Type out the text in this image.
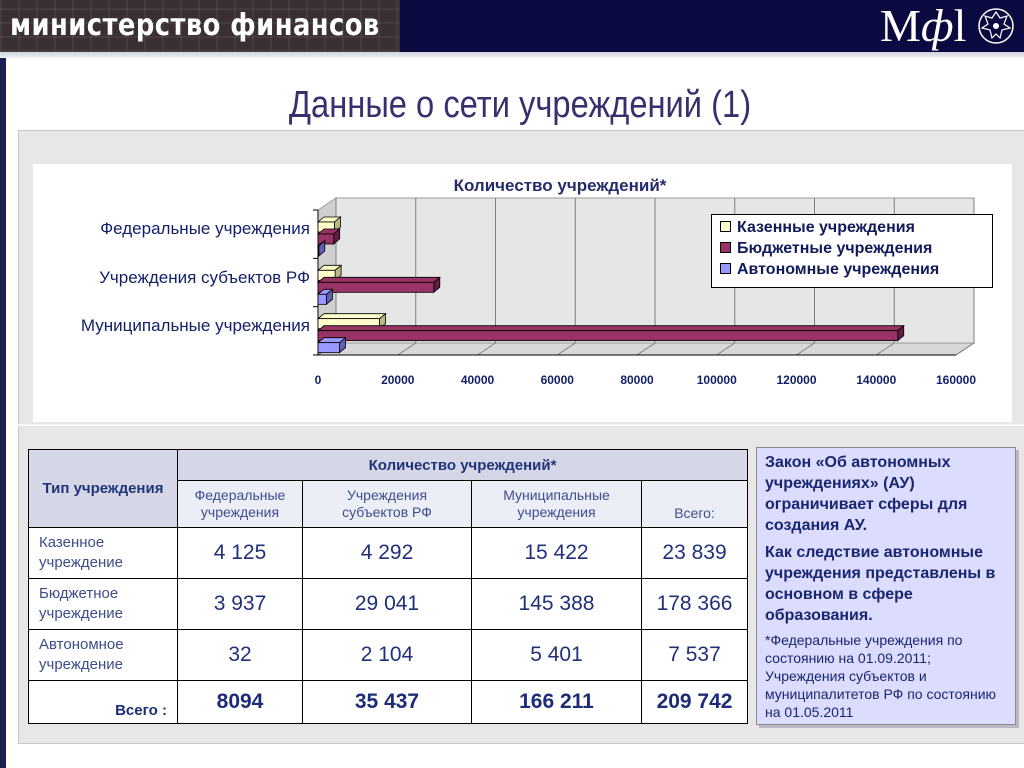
министерство финансов	Мфl
Данные о сети учреждений (1)
Количество учреждений*
0	20000	40000	60000	80000	100000	120000	140000	160000
Федеральные учреждения
Учреждения субъектов РФ
Муниципальные учреждения
Казенные учреждения
Бюджетные учреждения
Автономные учреждения
Тип учреждения	Количество учреждений*			
	Федеральные учреждения	Учреждения субъектов РФ	Муниципальные учреждения	Всего:
Казенное учреждение	4 125	4 292	15 422	23 839
Бюджетное учреждение	3 937	29 041	145 388	178 366
Автономное учреждение	32	2 104	5 401	7 537
Всего :	8094	35 437	166 211	209 742

Закон «Об автономных учреждениях» (АУ) ограничивает сферы для создания АУ.

Как следствие автономные учреждения представлены в основном в сфере образования.

*Федеральные учреждения по состоянию на 01.09.2011; Учреждения субъектов и муниципалитетов РФ по состоянию на 01.05.2011
